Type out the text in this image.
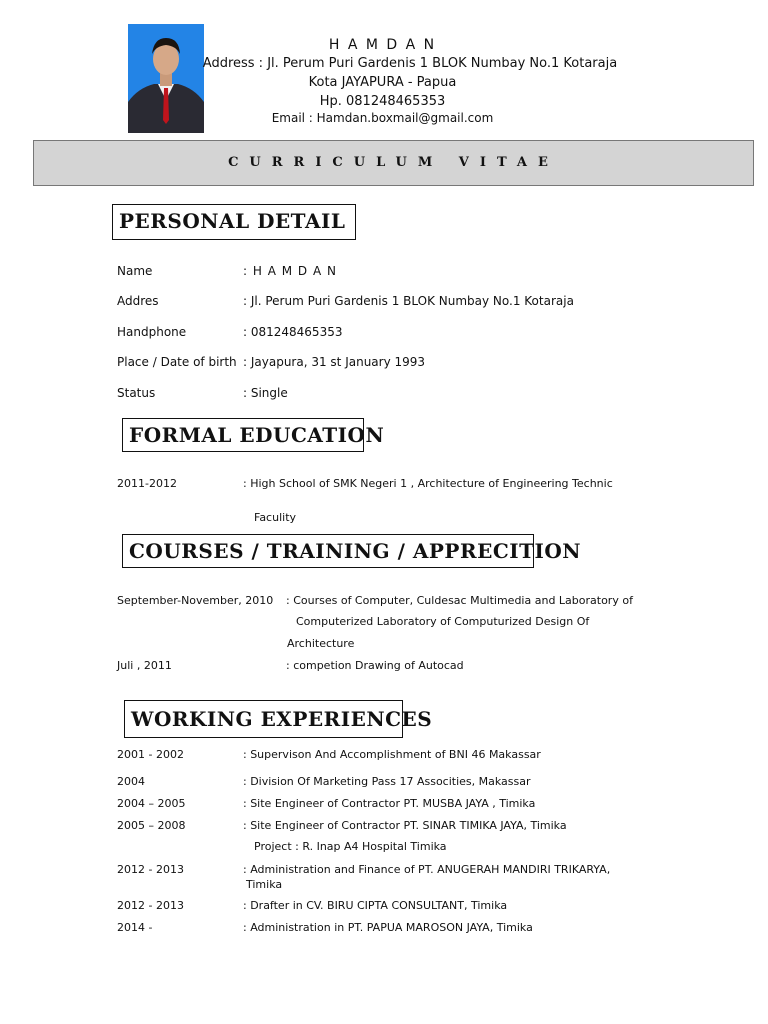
H A M D A N
Address : Jl. Perum Puri Gardenis 1 BLOK Numbay No.1 Kotaraja
Kota JAYAPURA - Papua
Hp. 081248465353
Email : Hamdan.boxmail@gmail.com
CURRICULUM VITAE
PERSONAL DETAIL
Name	: H A M D A N
Addres	: Jl. Perum Puri Gardenis 1 BLOK Numbay No.1 Kotaraja
Handphone	: 081248465353
Place / Date of birth : Jayapura, 31 st January 1993
Status	: Single
FORMAL EDUCATION
2011-2012	: High School of SMK Negeri 1 , Architecture of Engineering Technic
Faculity
COURSES / TRAINING / APPRECITION
September-November, 2010 : Courses of Computer, Culdesac Multimedia and Laboratory of
Computerized Laboratory of Computurized Design Of
Architecture
Juli , 2011	: competion Drawing of Autocad
WORKING EXPERIENCES
2001 - 2002	: Supervison And Accomplishment of BNI 46 Makassar
2004	: Division Of Marketing Pass 17 Associties, Makassar
2004 – 2005	: Site Engineer of Contractor PT. MUSBA JAYA , Timika
2005 – 2008	: Site Engineer of Contractor PT. SINAR TIMIKA JAYA, Timika
Project : R. Inap A4 Hospital Timika
2012 - 2013	: Administration and Finance of PT. ANUGERAH MANDIRI TRIKARYA,
Timika
2012 - 2013	: Drafter in CV. BIRU CIPTA CONSULTANT, Timika
2014 -	: Administration in PT. PAPUA MAROSON JAYA, Timika
